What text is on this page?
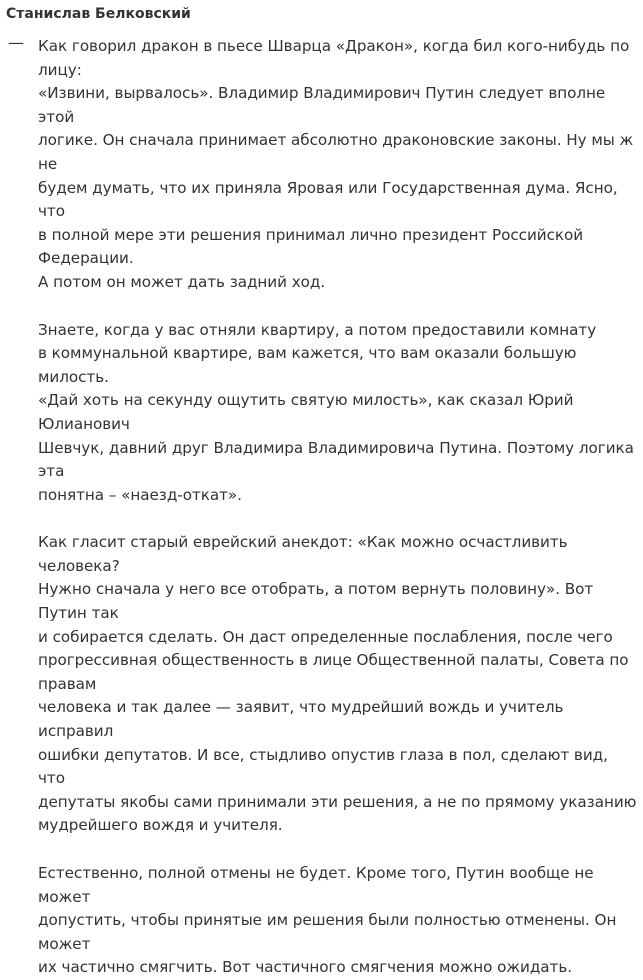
Станислав Белковский
— Как говорил дракон в пьесе Шварца «Дракон», когда бил кого-нибудь по лицу:
«Извини, вырвалось». Владимир Владимирович Путин следует вполне этой
логике. Он сначала принимает абсолютно драконовские законы. Ну мы ж не
будем думать, что их приняла Яровая или Государственная дума. Ясно, что
в полной мере эти решения принимал лично президент Российской Федерации.
А потом он может дать задний ход.

Знаете, когда у вас отняли квартиру, а потом предоставили комнату
в коммунальной квартире, вам кажется, что вам оказали большую милость.
«Дай хоть на секунду ощутить святую милость», как сказал Юрий Юлианович
Шевчук, давний друг Владимира Владимировича Путина. Поэтому логика эта
понятна – «наезд-откат».

Как гласит старый еврейский анекдот: «Как можно осчастливить человека?
Нужно сначала у него все отобрать, а потом вернуть половину». Вот Путин так
и собирается сделать. Он даст определенные послабления, после чего
прогрессивная общественность в лице Общественной палаты, Совета по правам
человека и так далее — заявит, что мудрейший вождь и учитель исправил
ошибки депутатов. И все, стыдливо опустив глаза в пол, сделают вид, что
депутаты якобы сами принимали эти решения, а не по прямому указанию
мудрейшего вождя и учителя.

Естественно, полной отмены не будет. Кроме того, Путин вообще не может
допустить, чтобы принятые им решения были полностью отменены. Он может
их частично смягчить. Вот частичного смягчения можно ожидать.
